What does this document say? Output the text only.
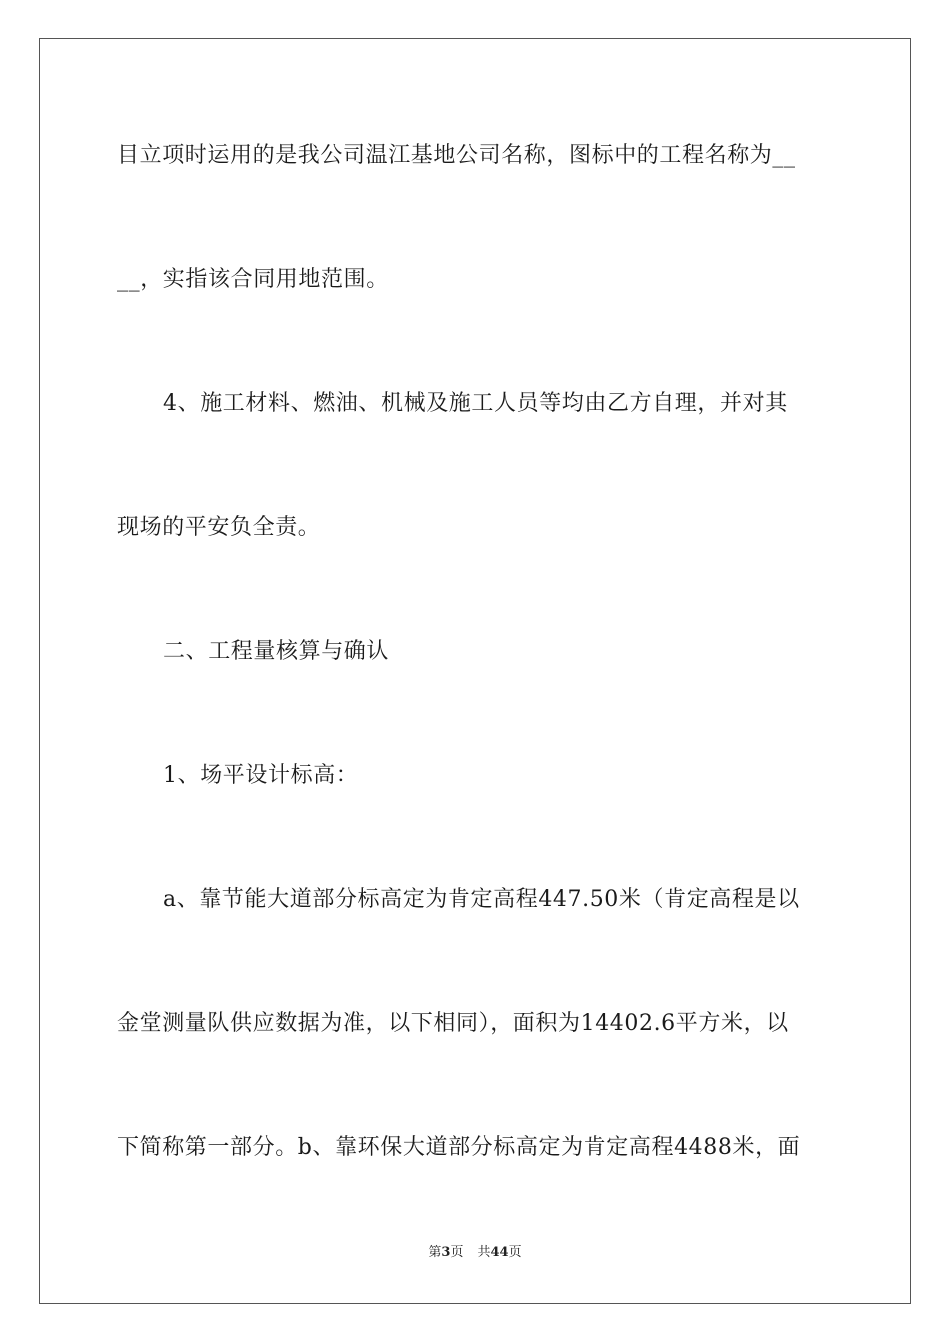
目立项时运用的是我公司温江基地公司名称，图标中的工程名称为__
__，实指该合同用地范围。
4、施工材料、燃油、机械及施工人员等均由乙方自理，并对其
现场的平安负全责。
二、工程量核算与确认
1、场平设计标高：
a、靠节能大道部分标高定为肯定高程447.50米（肯定高程是以
金堂测量队供应数据为准，以下相同），面积为14402.6平方米，以
下简称第一部分。b、靠环保大道部分标高定为肯定高程4488米，面
第3页 共44页
